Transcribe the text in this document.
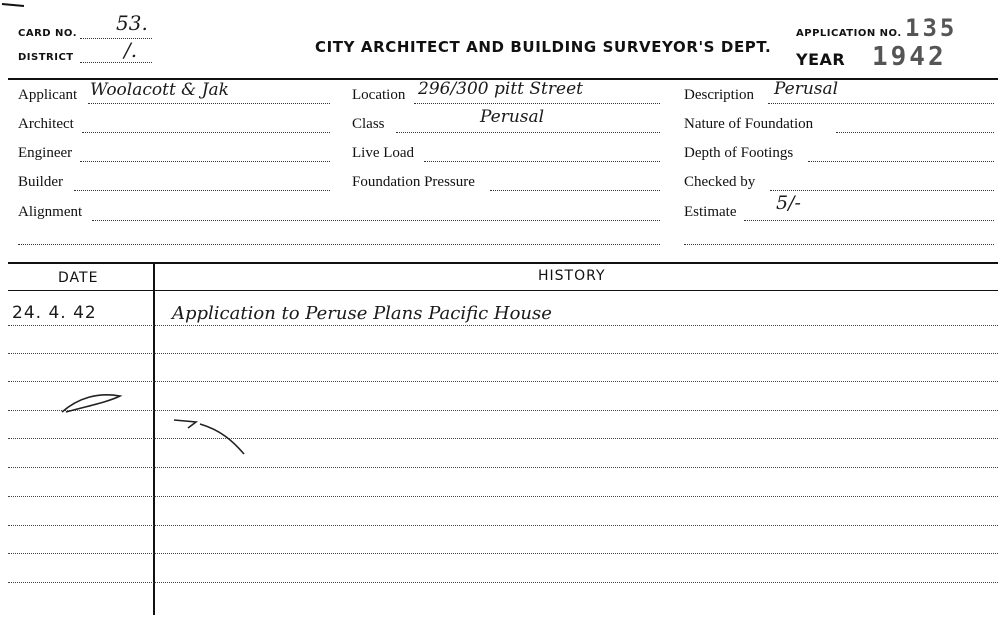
CARD NO. 53.
DISTRICT	/.	CITY ARCHITECT AND BUILDING SURVEYOR'S DEPT.
APPLICATION NO. 135
YEAR 1942
Applicant Woolacott & Jak
Architect
Engineer
Builder
Alignment
Location 296/300 pitt Street
Class	Perusal
Live Load
Foundation Pressure
Description Perusal
Nature of Foundation
Depth of Footings
Checked by
Estimate 5/-
DATE	HISTORY
24. 4. 42	Application to Peruse Plans Pacific House
